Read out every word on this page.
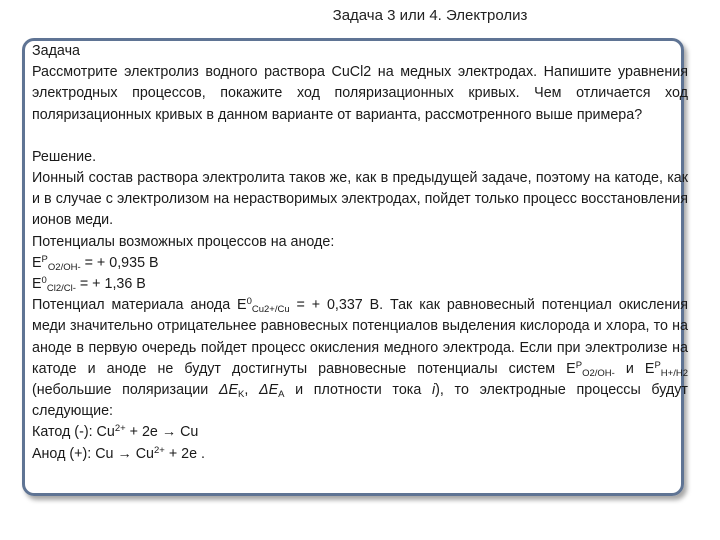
Задача 3 или 4. Электролиз

Задача

Рассмотрите электролиз водного раствора CuCl2 на медных электродах. Напишите уравнения электродных процессов, покажите ход поляризационных кривых. Чем отличается ход поляризационных кривых в данном варианте от варианта, рассмотренного выше примера?

Решение.

Ионный состав раствора электролита таков же, как в предыдущей задаче, поэтому на катоде, как и в случае с электролизом на нерастворимых электродах, пойдет только процесс восстановления ионов меди.

Потенциалы возможных процессов на аноде:

$E^P_{O2/OH-}$ = + 0,935 В

$E^0_{Cl2/Cl-}$ = + 1,36 В

Потенциал материала анода $E^0_{Cu2+/Cu}$ = + 0,337 В. Так как равновесный потенциал окисления меди значительно отрицательнее равновесных потенциалов выделения кислорода и хлора, то на аноде в первую очередь пойдет процесс окисления медного электрода. Если при электролизе на катоде и аноде не будут достигнуты равновесные потенциалы систем $E^P_{O2/OH-}$ и $E^P_{H+/H2}$ (небольшие поляризации $\Delta E_K$, $\Delta E_A$ и плотности тока i), то электродные процессы будут следующие:

Катод (-): $Cu^{2+} + 2e \to Cu$

Анод (+): $Cu \to Cu^{2+} + 2e$ .
